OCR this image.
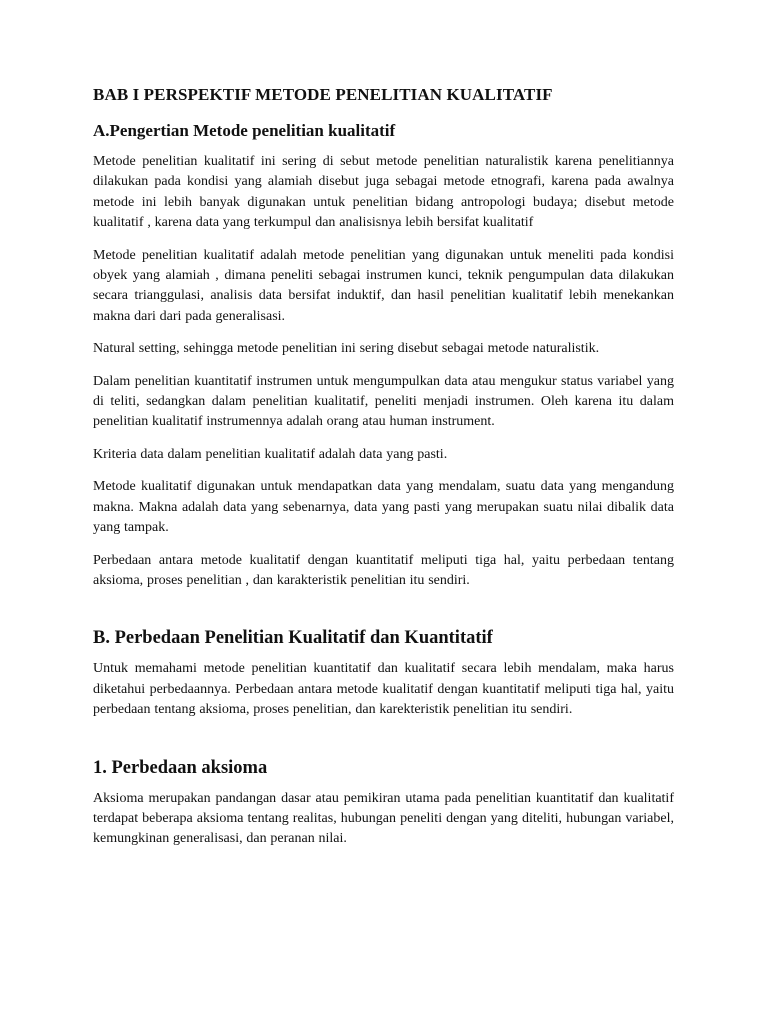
BAB I PERSPEKTIF METODE PENELITIAN KUALITATIF
A.Pengertian Metode penelitian kualitatif

Metode penelitian kualitatif ini sering di sebut metode penelitian naturalistik karena penelitiannya dilakukan pada kondisi yang alamiah disebut juga sebagai metode etnografi, karena pada awalnya metode ini lebih banyak digunakan untuk penelitian bidang antropologi budaya; disebut metode kualitatif , karena data yang terkumpul dan analisisnya lebih bersifat kualitatif

Metode penelitian kualitatif adalah metode penelitian yang digunakan untuk meneliti pada kondisi obyek yang alamiah , dimana peneliti sebagai instrumen kunci, teknik pengumpulan data dilakukan secara trianggulasi, analisis data bersifat induktif, dan hasil penelitian kualitatif lebih menekankan makna dari dari pada generalisasi.

Natural setting, sehingga metode penelitian ini sering disebut sebagai metode naturalistik.

Dalam penelitian kuantitatif instrumen untuk mengumpulkan data atau mengukur status variabel yang di teliti, sedangkan dalam penelitian kualitatif, peneliti menjadi instrumen. Oleh karena itu dalam penelitian kualitatif instrumennya adalah orang atau human instrument.

Kriteria data dalam penelitian kualitatif adalah data yang pasti.

Metode kualitatif digunakan untuk mendapatkan data yang mendalam, suatu data yang mengandung makna. Makna adalah data yang sebenarnya, data yang pasti yang merupakan suatu nilai dibalik data yang tampak.

Perbedaan antara metode kualitatif dengan kuantitatif meliputi tiga hal, yaitu perbedaan tentang aksioma, proses penelitian , dan karakteristik penelitian itu sendiri.

B. Perbedaan Penelitian Kualitatif dan Kuantitatif

Untuk memahami metode penelitian kuantitatif dan kualitatif secara lebih mendalam, maka harus diketahui perbedaannya. Perbedaan antara metode kualitatif dengan kuantitatif meliputi tiga hal, yaitu perbedaan tentang aksioma, proses penelitian, dan karekteristik penelitian itu sendiri.

1. Perbedaan aksioma

Aksioma merupakan pandangan dasar atau pemikiran utama pada penelitian kuantitatif dan kualitatif terdapat beberapa aksioma tentang realitas, hubungan peneliti dengan yang diteliti, hubungan variabel, kemungkinan generalisasi, dan peranan nilai.
